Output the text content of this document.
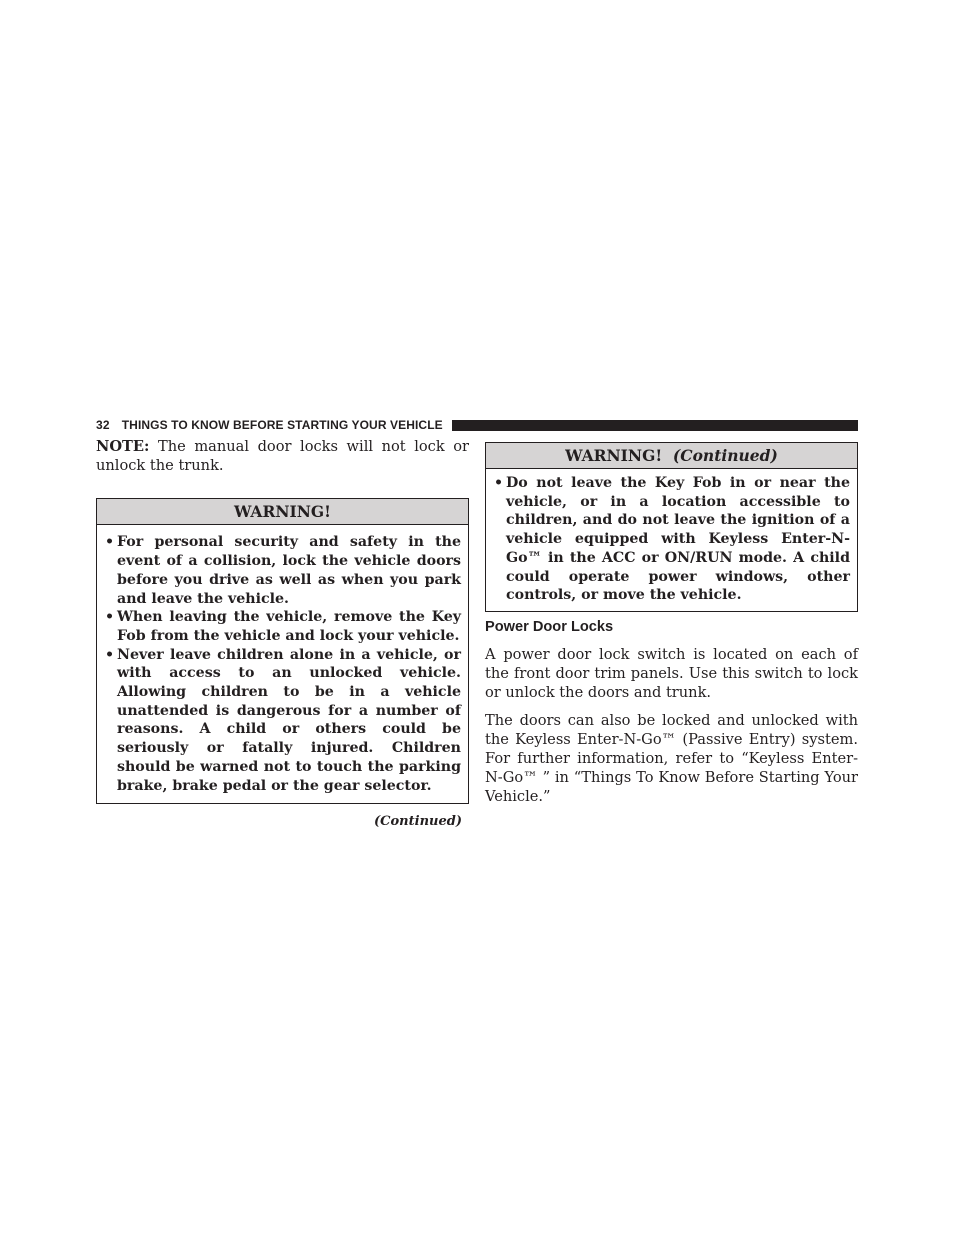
32 THINGS TO KNOW BEFORE STARTING YOUR VEHICLE

NOTE: The manual door locks will not lock or unlock the trunk.

WARNING!
• For personal security and safety in the event of a collision, lock the vehicle doors before you drive as well as when you park and leave the vehicle.
• When leaving the vehicle, remove the Key Fob from the vehicle and lock your vehicle.
• Never leave children alone in a vehicle, or with access to an unlocked vehicle. Allowing children to be in a vehicle unattended is dangerous for a number of reasons. A child or others could be seriously or fatally injured. Children should be warned not to touch the parking brake, brake pedal or the gear selector.
(Continued)
WARNING! (Continued)
• Do not leave the Key Fob in or near the vehicle, or in a location accessible to children, and do not leave the ignition of a vehicle equipped with Keyless Enter-N-Go™ in the ACC or ON/RUN mode. A child could operate power windows, other controls, or move the vehicle.
Power Door Locks

A power door lock switch is located on each of the front door trim panels. Use this switch to lock or unlock the doors and trunk.

The doors can also be locked and unlocked with the Keyless Enter-N-Go™ (Passive Entry) system. For further information, refer to “Keyless Enter-N-Go™ ” in “Things To Know Before Starting Your Vehicle.”
